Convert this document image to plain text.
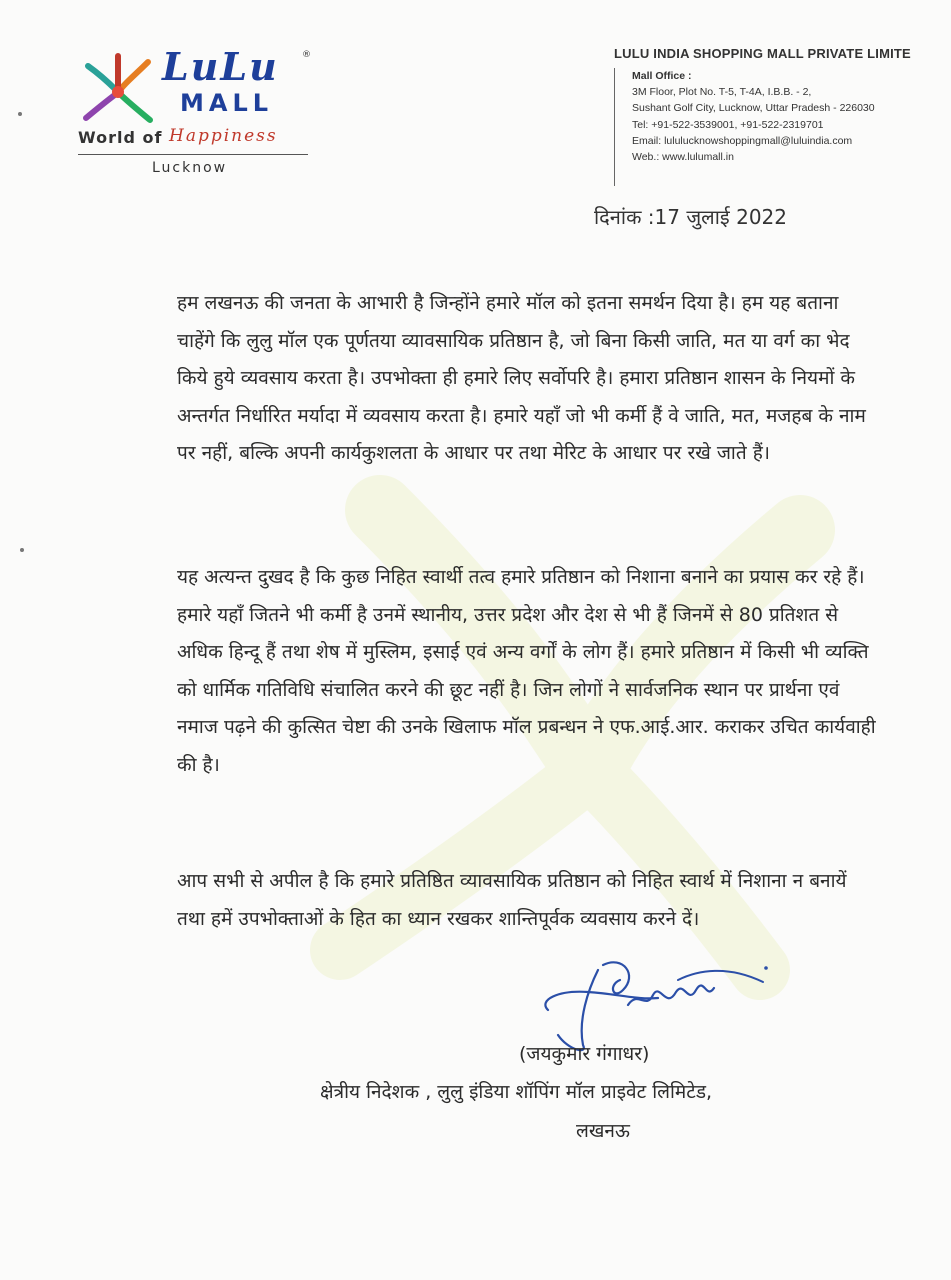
LuLu	®
MALL
World of Happiness
Lucknow
LULU INDIA SHOPPING MALL PRIVATE LIMITE
Mall Office :
3M Floor, Plot No. T-5, T-4A, I.B.B. - 2,
Sushant Golf City, Lucknow, Uttar Pradesh - 226030
Tel: +91-522-3539001, +91-522-2319701
Email: lululucknowshoppingmall@luluindia.com
Web.: www.lulumall.in
दिनांक :17 जुलाई 2022
हम लखनऊ की जनता के आभारी है जिन्होंने हमारे मॉल को इतना समर्थन दिया है। हम यह बताना चाहेंगे कि लुलु मॉल एक पूर्णतया व्यावसायिक प्रतिष्ठान है, जो बिना किसी जाति, मत या वर्ग का भेद किये हुये व्यवसाय करता है। उपभोक्ता ही हमारे लिए सर्वोपरि है। हमारा प्रतिष्ठान शासन के नियमों के अन्तर्गत निर्धारित मर्यादा में व्यवसाय करता है। हमारे यहाँ जो भी कर्मी हैं वे जाति, मत, मजहब के नाम पर नहीं, बल्कि अपनी कार्यकुशलता के आधार पर तथा मेरिट के आधार पर रखे जाते हैं।
यह अत्यन्त दुखद है कि कुछ निहित स्वार्थी तत्व हमारे प्रतिष्ठान को निशाना बनाने का प्रयास कर रहे हैं। हमारे यहाँ जितने भी कर्मी है उनमें स्थानीय, उत्तर प्रदेश और देश से भी हैं जिनमें से 80 प्रतिशत से अधिक हिन्दू हैं तथा शेष में मुस्लिम, इसाई एवं अन्य वर्गों के लोग हैं। हमारे प्रतिष्ठान में किसी भी व्यक्ति को धार्मिक गतिविधि संचालित करने की छूट नहीं है। जिन लोगों ने सार्वजनिक स्थान पर प्रार्थना एवं नमाज पढ़ने की कुत्सित चेष्टा की उनके खिलाफ मॉल प्रबन्धन ने एफ.आई.आर. कराकर उचित कार्यवाही की है।
आप सभी से अपील है कि हमारे प्रतिष्ठित व्यावसायिक प्रतिष्ठान को निहित स्वार्थ में निशाना न बनायें तथा हमें उपभोक्ताओं के हित का ध्यान रखकर शान्तिपूर्वक व्यवसाय करने दें।
(जयकुमार गंगाधर)
क्षेत्रीय निदेशक , लुलु इंडिया शॉपिंग मॉल प्राइवेट लिमिटेड,
लखनऊ
